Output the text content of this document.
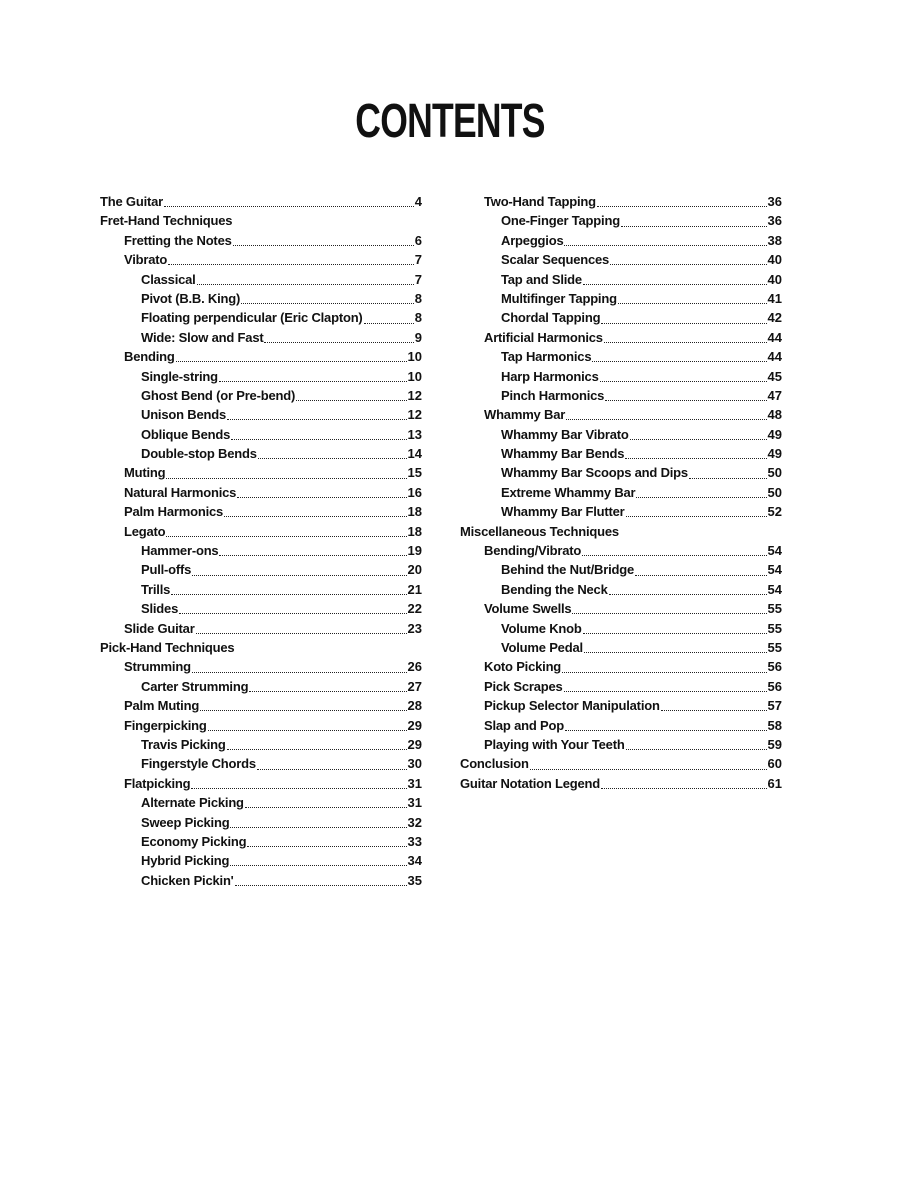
CONTENTS
The Guitar	4
Fret-Hand Techniques
Fretting the Notes	6
Vibrato	7
Classical	7
Pivot (B.B. King)	8
Floating perpendicular (Eric Clapton)	8
Wide: Slow and Fast	9
Bending	10
Single-string	10
Ghost Bend (or Pre-bend)	12
Unison Bends	12
Oblique Bends	13
Double-stop Bends	14
Muting	15
Natural Harmonics	16
Palm Harmonics	18
Legato	18
Hammer-ons	19
Pull-offs	20
Trills	21
Slides	22
Slide Guitar	23
Pick-Hand Techniques
Strumming	26
Carter Strumming	27
Palm Muting	28
Fingerpicking	29
Travis Picking	29
Fingerstyle Chords	30
Flatpicking	31
Alternate Picking	31
Sweep Picking	32
Economy Picking	33
Hybrid Picking	34
Chicken Pickin'	35
Two-Hand Tapping	36
One-Finger Tapping	36
Arpeggios	38
Scalar Sequences	40
Tap and Slide	40
Multifinger Tapping	41
Chordal Tapping	42
Artificial Harmonics	44
Tap Harmonics	44
Harp Harmonics	45
Pinch Harmonics	47
Whammy Bar	48
Whammy Bar Vibrato	49
Whammy Bar Bends	49
Whammy Bar Scoops and Dips	50
Extreme Whammy Bar	50
Whammy Bar Flutter	52
Miscellaneous Techniques
Bending/Vibrato	54
Behind the Nut/Bridge	54
Bending the Neck	54
Volume Swells	55
Volume Knob	55
Volume Pedal	55
Koto Picking	56
Pick Scrapes	56
Pickup Selector Manipulation	57
Slap and Pop	58
Playing with Your Teeth	59
Conclusion	60
Guitar Notation Legend	61
